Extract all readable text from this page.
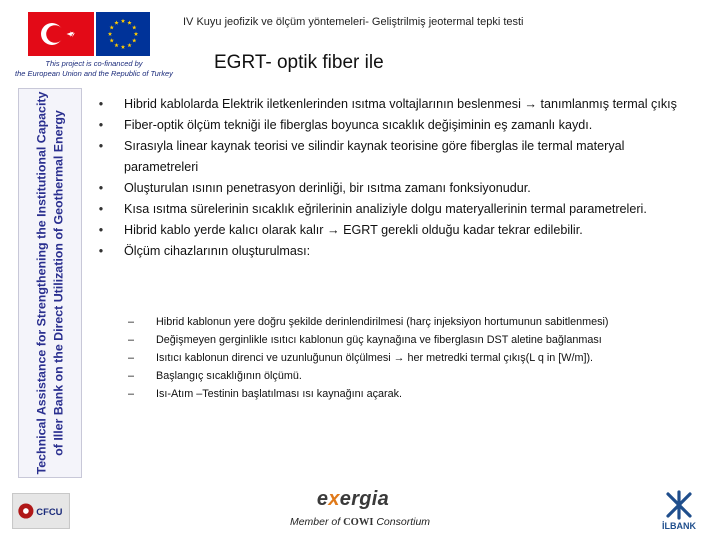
IV Kuyu jeofizik ve ölçüm yöntemeleri- Geliştrilmiş jeotermal tepki testi
This project is co-financed by
the European Union and the Republic of Turkey
EGRT- optik fiber ile
Technical Assistance for Strengthening the Institutional Capacity of Iller Bank on the Direct Utilization of Geothermal Energy
•	Hibrid kablolarda Elektrik iletkenlerinden ısıtma voltajlarının beslenmesi → tanımlanmış termal çıkış
•	Fiber-optik ölçüm tekniği ile fiberglas boyunca sıcaklık değişiminin eş zamanlı kaydı.
•	Sırasıyla linear kaynak teorisi ve silindir kaynak teorisine göre fiberglas ile termal materyal parametreleri
•	Oluşturulan ısının penetrasyon derinliği, bir ısıtma zamanı fonksiyonudur.
•	Kısa ısıtma sürelerinin sıcaklık eğrilerinin analiziyle dolgu materyallerinin termal parametreleri.
•	Hibrid kablo yerde kalıcı olarak kalır → EGRT gerekli olduğu kadar tekrar edilebilir.
•	Ölçüm cihazlarının oluşturulması:
– Hibrid kablonun yere doğru şekilde derinlendirilmesi (harç injeksiyon hortumunun sabitlenmesi)
– Değişmeyen gerginlikle ısıtıcı kablonun güç kaynağına ve fiberglasın DST aletine bağlanması
– Isıtıcı kablonun direnci ve uzunluğunun ölçülmesi → her metredki termal çıkış(L q in [W/m]).
– Başlangıç sıcaklığının ölçümü.
– Isı-Atım –Testinin başlatılması ısı kaynağını açarak.
CFCU
exergia
Member of COWI Consortium	İLBANK
